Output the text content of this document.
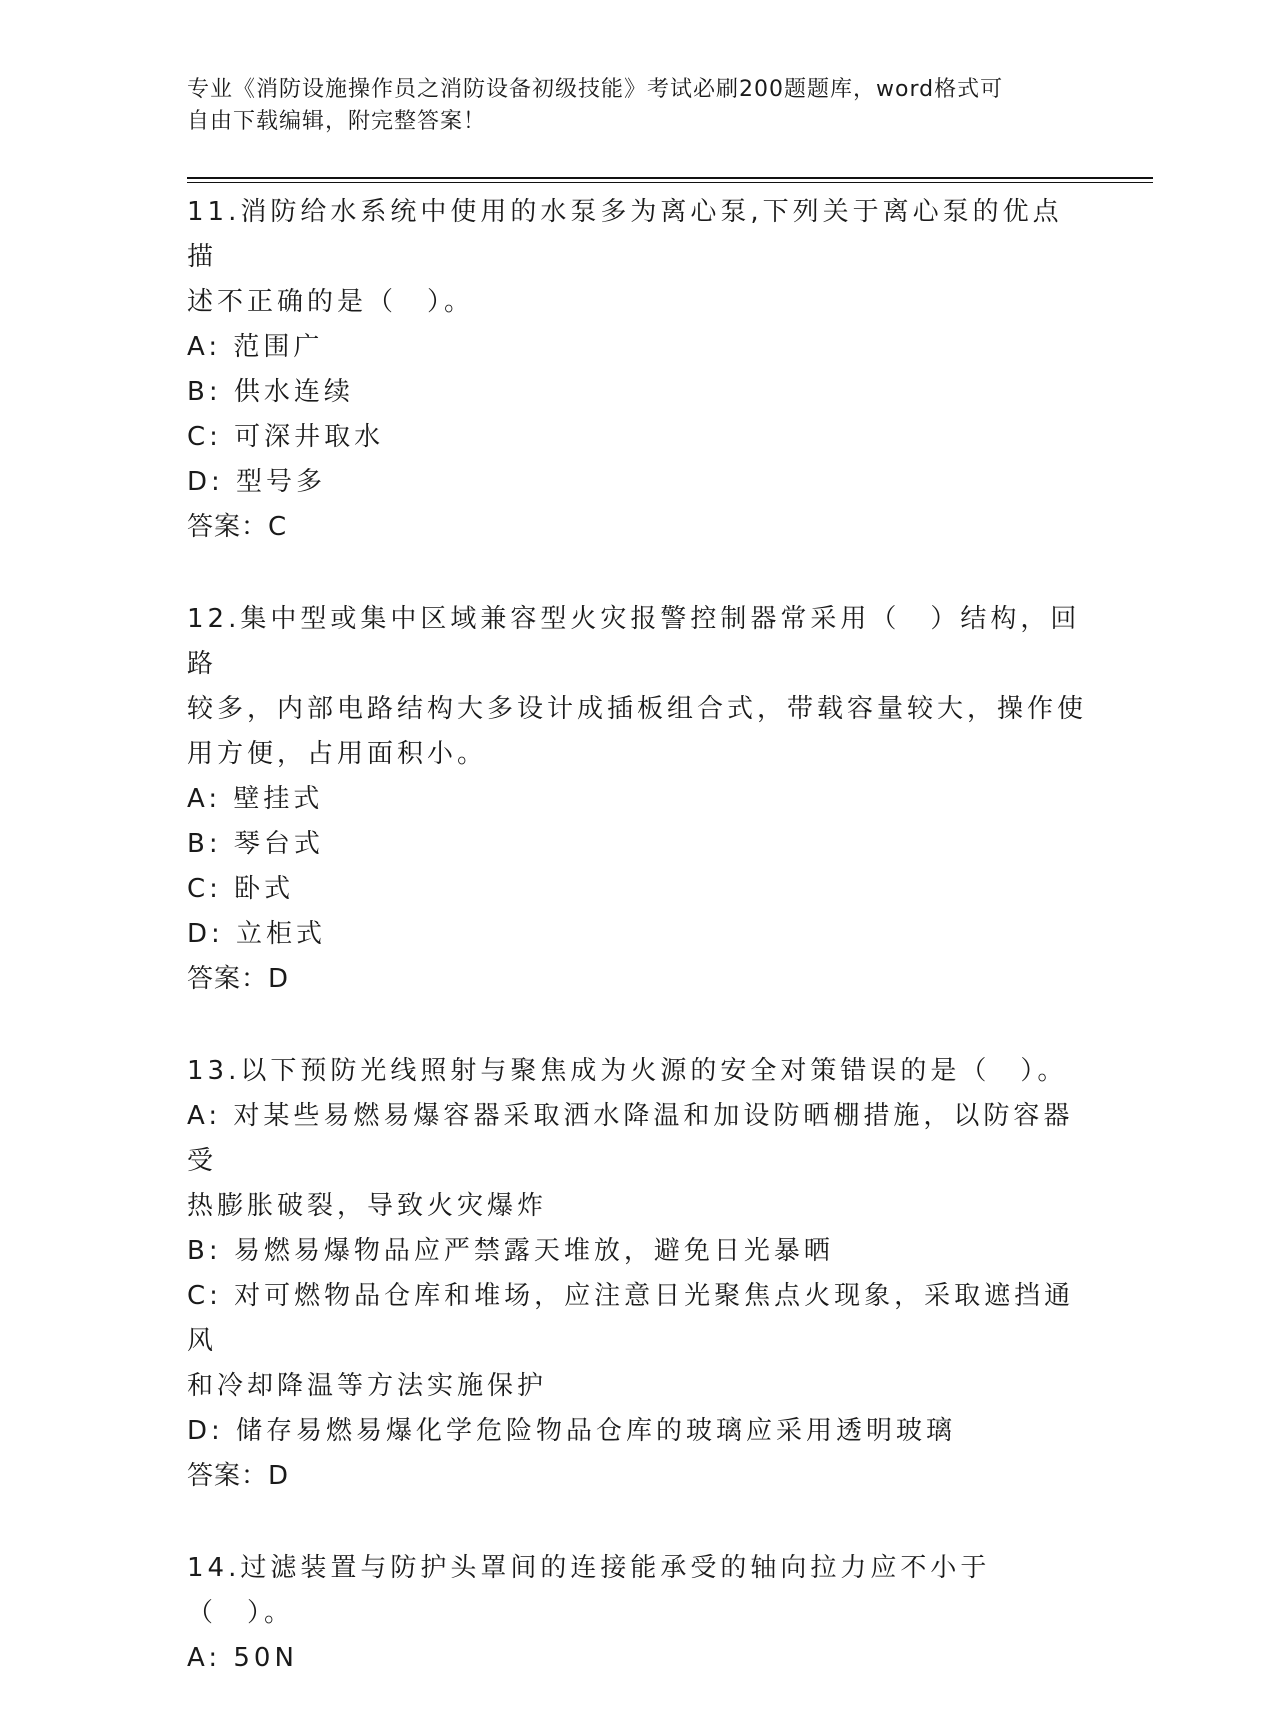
专业《消防设施操作员之消防设备初级技能》考试必刷200题题库，word格式可
自由下载编辑，附完整答案！

11.消防给水系统中使用的水泵多为离心泵,下列关于离心泵的优点描

述不正确的是（　）。

A: 范围广

B: 供水连续

C: 可深井取水

D: 型号多

答案：C

12.集中型或集中区域兼容型火灾报警控制器常采用（　）结构，回路

较多，内部电路结构大多设计成插板组合式，带载容量较大，操作使

用方便，占用面积小。

A: 壁挂式

B: 琴台式

C: 卧式

D: 立柜式

答案：D

13.以下预防光线照射与聚焦成为火源的安全对策错误的是（　）。

A: 对某些易燃易爆容器采取洒水降温和加设防晒棚措施，以防容器受

热膨胀破裂，导致火灾爆炸

B: 易燃易爆物品应严禁露天堆放，避免日光暴晒

C: 对可燃物品仓库和堆场，应注意日光聚焦点火现象，采取遮挡通风

和冷却降温等方法实施保护

D: 储存易燃易爆化学危险物品仓库的玻璃应采用透明玻璃

答案：D

14.过滤装置与防护头罩间的连接能承受的轴向拉力应不小于（　）。

A: 50N
